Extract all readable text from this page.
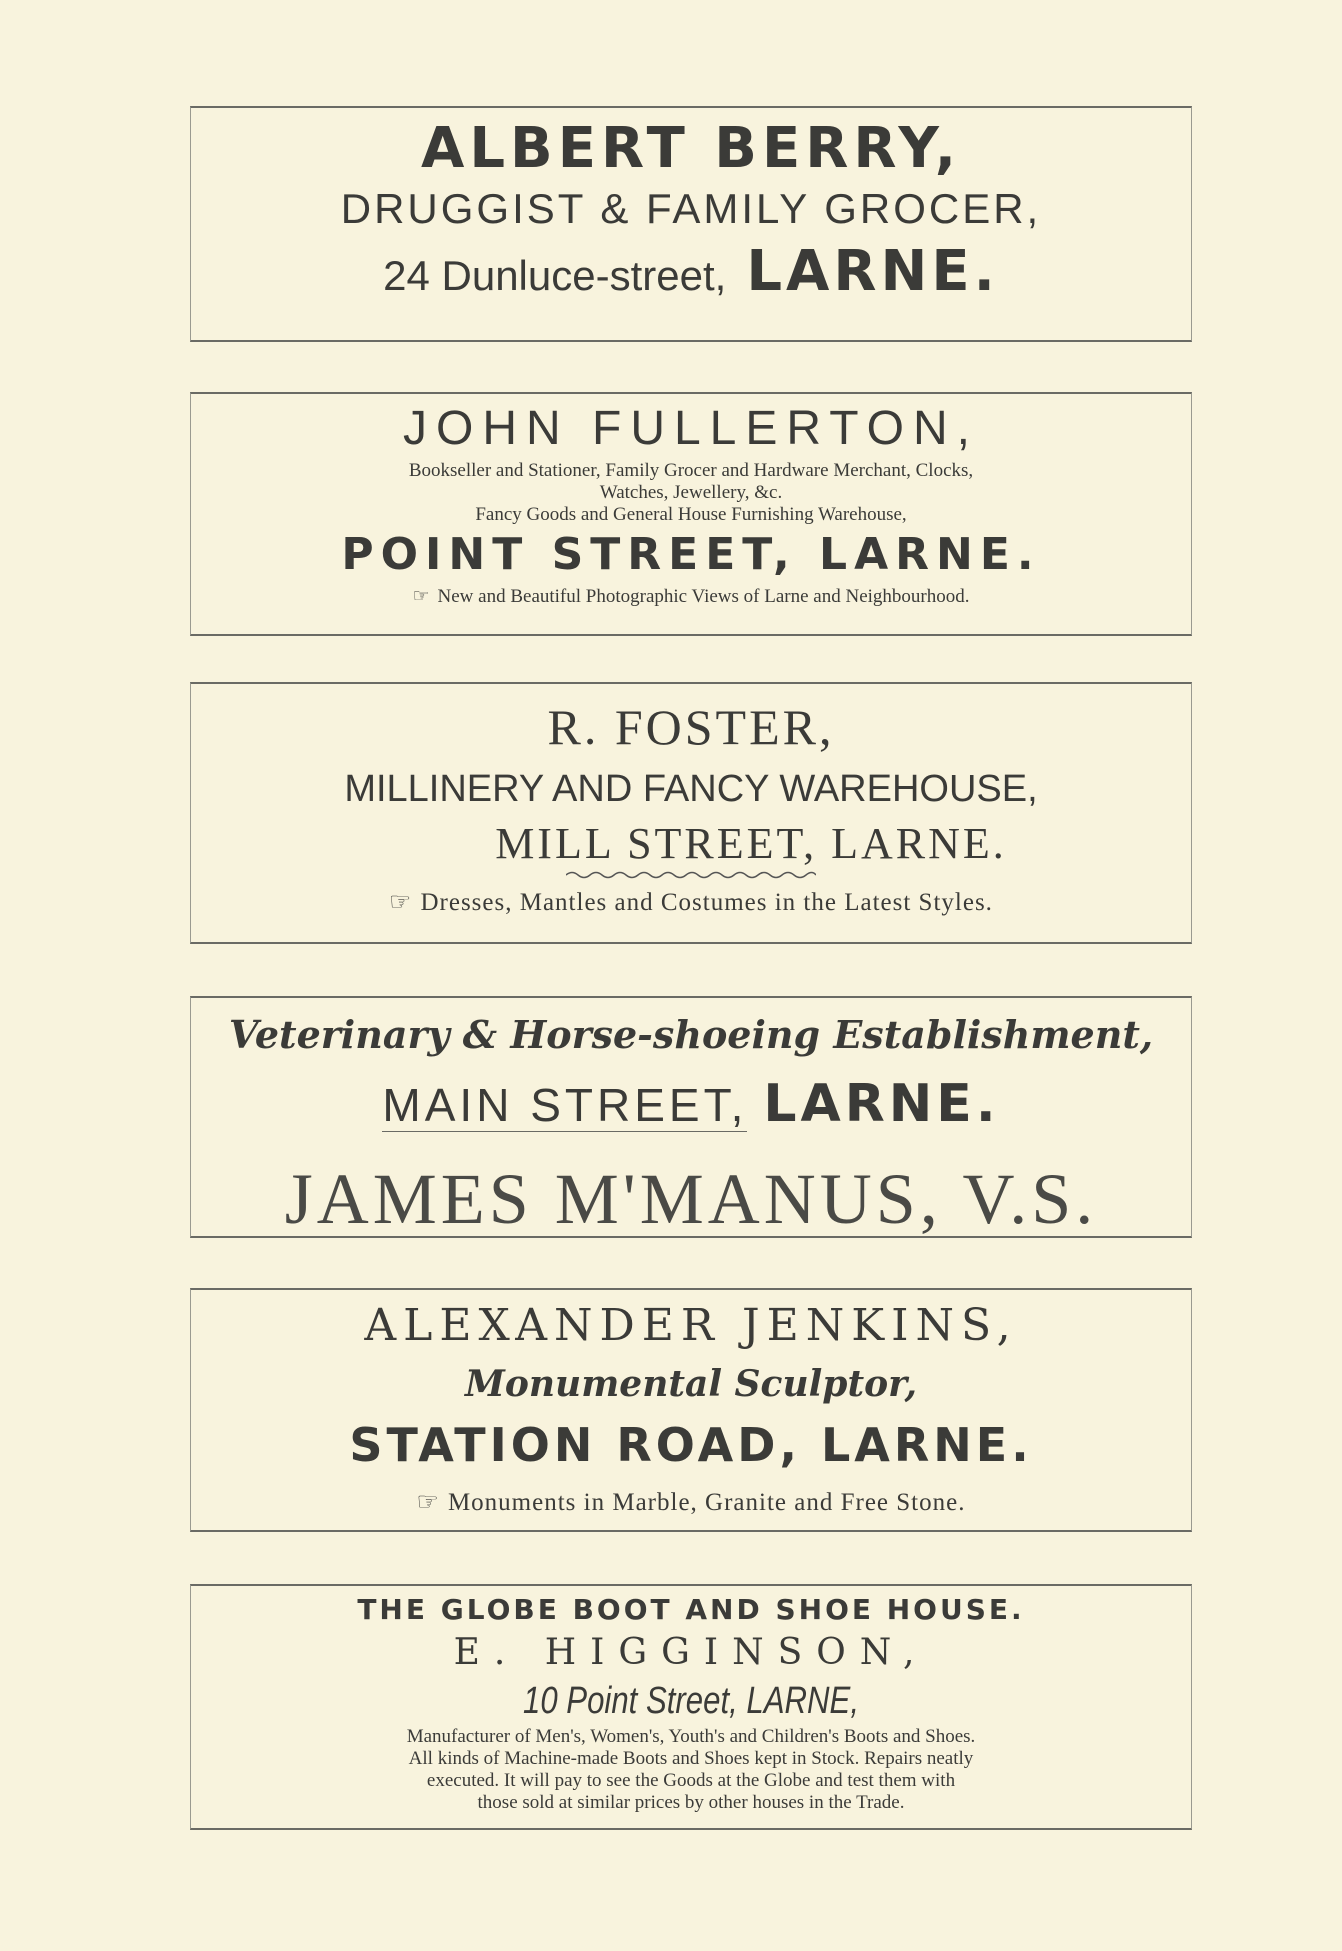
ALBERT BERRY,
DRUGGIST & FAMILY GROCER,
24 Dunluce-street, LARNE.
JOHN FULLERTON,
Bookseller and Stationer, Family Grocer and Hardware Merchant, Clocks,
Watches, Jewellery, &c.
Fancy Goods and General House Furnishing Warehouse,
POINT STREET, LARNE.
☞ New and Beautiful Photographic Views of Larne and Neighbourhood.
R. FOSTER,
MILLINERY AND FANCY WAREHOUSE,
MILL STREET, LARNE.
☞ Dresses, Mantles and Costumes in the Latest Styles.
Veterinary & Horse-shoeing Establishment,
MAIN STREET, LARNE.
JAMES M'MANUS, V.S.
ALEXANDER JENKINS,
Monumental Sculptor,
STATION ROAD, LARNE.
☞ Monuments in Marble, Granite and Free Stone.
THE GLOBE BOOT AND SHOE HOUSE.
E. HIGGINSON,
10 Point Street, LARNE,
Manufacturer of Men's, Women's, Youth's and Children's Boots and Shoes.
All kinds of Machine-made Boots and Shoes kept in Stock. Repairs neatly
executed. It will pay to see the Goods at the Globe and test them with
those sold at similar prices by other houses in the Trade.
